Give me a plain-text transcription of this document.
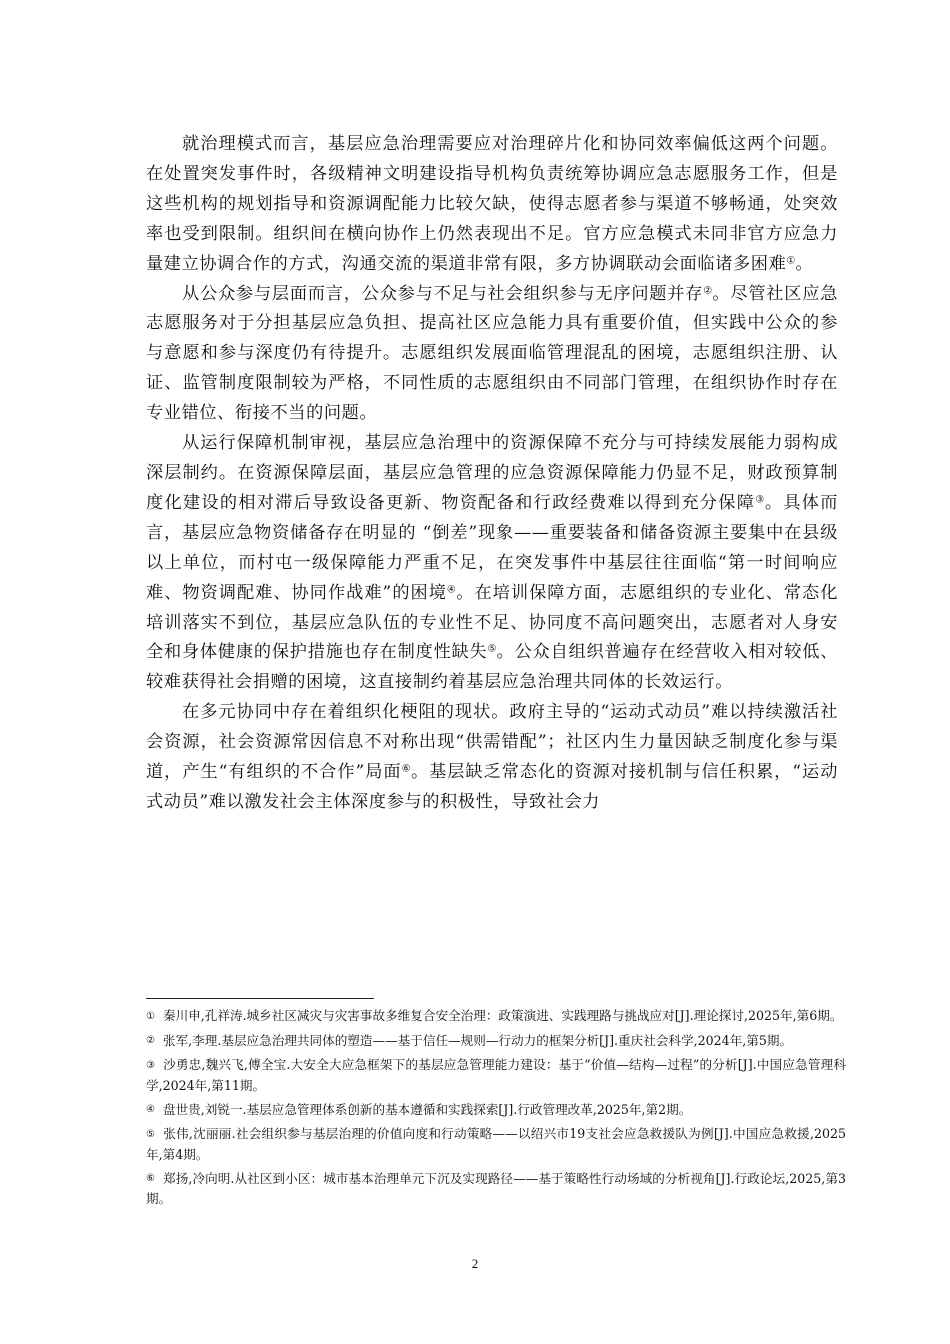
就治理模式而言，基层应急治理需要应对治理碎片化和协同效率偏低这两个问题。在处置突发事件时，各级精神文明建设指导机构负责统筹协调应急志愿服务工作，但是这些机构的规划指导和资源调配能力比较欠缺，使得志愿者参与渠道不够畅通，处突效率也受到限制。组织间在横向协作上仍然表现出不足。官方应急模式未同非官方应急力量建立协调合作的方式，沟通交流的渠道非常有限，多方协调联动会面临诸多困难①。

从公众参与层面而言，公众参与不足与社会组织参与无序问题并存②。尽管社区应急志愿服务对于分担基层应急负担、提高社区应急能力具有重要价值，但实践中公众的参与意愿和参与深度仍有待提升。志愿组织发展面临管理混乱的困境，志愿组织注册、认证、监管制度限制较为严格，不同性质的志愿组织由不同部门管理，在组织协作时存在专业错位、衔接不当的问题。

从运行保障机制审视，基层应急治理中的资源保障不充分与可持续发展能力弱构成深层制约。在资源保障层面，基层应急管理的应急资源保障能力仍显不足，财政预算制度化建设的相对滞后导致设备更新、物资配备和行政经费难以得到充分保障③。具体而言，基层应急物资储备存在明显的 “倒差”现象——重要装备和储备资源主要集中在县级以上单位，而村屯一级保障能力严重不足，在突发事件中基层往往面临“第一时间响应难、物资调配难、协同作战难”的困境④。在培训保障方面，志愿组织的专业化、常态化培训落实不到位，基层应急队伍的专业性不足、协同度不高问题突出，志愿者对人身安全和身体健康的保护措施也存在制度性缺失⑤。公众自组织普遍存在经营收入相对较低、较难获得社会捐赠的困境，这直接制约着基层应急治理共同体的长效运行。

在多元协同中存在着组织化梗阻的现状。政府主导的“运动式动员”难以持续激活社会资源，社会资源常因信息不对称出现“供需错配”；社区内生力量因缺乏制度化参与渠道，产生“有组织的不合作”局面⑥。基层缺乏常态化的资源对接机制与信任积累，“运动式动员”难以激发社会主体深度参与的积极性，导致社会力

① 秦川申,孔祥涛.城乡社区减灾与灾害事故多维复合安全治理：政策演进、实践理路与挑战应对[J].理论探讨,2025年,第6期。

② 张军,李理.基层应急治理共同体的塑造——基于信任—规则—行动力的框架分析[J].重庆社会科学,2024年,第5期。

③ 沙勇忠,魏兴飞,傅全宝.大安全大应急框架下的基层应急管理能力建设：基于“价值—结构—过程”的分析[J].中国应急管理科学,2024年,第11期。

④ 盘世贵,刘锐一.基层应急管理体系创新的基本遵循和实践探索[J].行政管理改革,2025年,第2期。

⑤ 张伟,沈丽丽.社会组织参与基层治理的价值向度和行动策略——以绍兴市19支社会应急救援队为例[J].中国应急救援,2025年,第4期。

⑥ 郑扬,冷向明.从社区到小区：城市基本治理单元下沉及实现路径——基于策略性行动场域的分析视角[J].行政论坛,2025,第3期。

2
